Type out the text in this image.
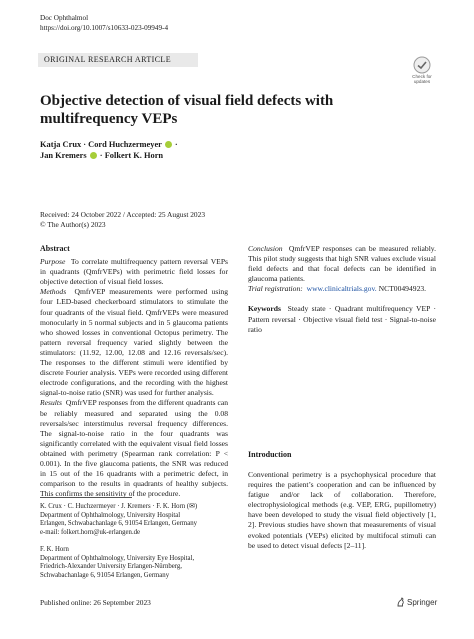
Doc Ophthalmol
https://doi.org/10.1007/s10633-023-09949-4
ORIGINAL RESEARCH ARTICLE
Check for updates
Objective detection of visual field defects with multifrequency VEPs
Katja Crux · Cord Huchzermeyer  ·
Jan Kremers  · Folkert K. Horn
Received: 24 October 2022 / Accepted: 25 August 2023
© The Author(s) 2023
Abstract
Purpose To correlate multifrequency pattern reversal VEPs in quadrants (QmfrVEPs) with perimetric field losses for objective detection of visual field losses.
Methods QmfrVEP measurements were performed using four LED-based checkerboard stimulators to stimulate the four quadrants of the visual field. QmfrVEPs were measured monocularly in 5 normal subjects and in 5 glaucoma patients who showed losses in conventional Octopus perimetry. The pattern reversal frequency varied slightly between the stimulators: (11.92, 12.00, 12.08 and 12.16 reversals/sec). The responses to the different stimuli were identified by discrete Fourier analysis. VEPs were recorded using different electrode configurations, and the recording with the highest signal-to-noise ratio (SNR) was used for further analysis.
Results QmfrVEP responses from the different quadrants can be reliably measured and separated using the 0.08 reversals/sec interstimulus reversal frequency differences. The signal-to-noise ratio in the four quadrants was significantly correlated with the equivalent visual field losses obtained with perimetry (Spearman rank correlation: P < 0.001). In the five glaucoma patients, the SNR was reduced in 15 out of the 16 quadrants with a perimetric defect, in comparison to the results in quadrants of healthy subjects. This confirms the sensitivity of the procedure.
Conclusion QmfrVEP responses can be measured reliably. This pilot study suggests that high SNR values exclude visual field defects and that focal defects can be identified in glaucoma patients.
Trial registration: www.clinicaltrials.gov. NCT00494923.
Keywords Steady state · Quadrant multifrequency VEP · Pattern reversal · Objective visual field test · Signal-to-noise ratio
Introduction
Conventional perimetry is a psychophysical procedure that requires the patient’s cooperation and can be influenced by fatigue and/or lack of collaboration. Therefore, electrophysiological methods (e.g. VEP, ERG, pupillometry) have been developed to study the visual field objectively [1, 2]. Previous studies have shown that measurements of visual evoked potentials (VEPs) elicited by multifocal stimuli can be used to detect visual defects [2–11].
K. Crux · C. Huchzermeyer · J. Kremers · F. K. Horn (✉)
Department of Ophthalmology, University Hospital
Erlangen, Schwabachanlage 6, 91054 Erlangen, Germany
e-mail: folkert.horn@uk-erlangen.de
F. K. Horn
Department of Ophthalmology, University Eye Hospital,
Friedrich-Alexander University Erlangen-Nürnberg,
Schwabachanlage 6, 91054 Erlangen, Germany
Published online: 26 September 2023	Springer
